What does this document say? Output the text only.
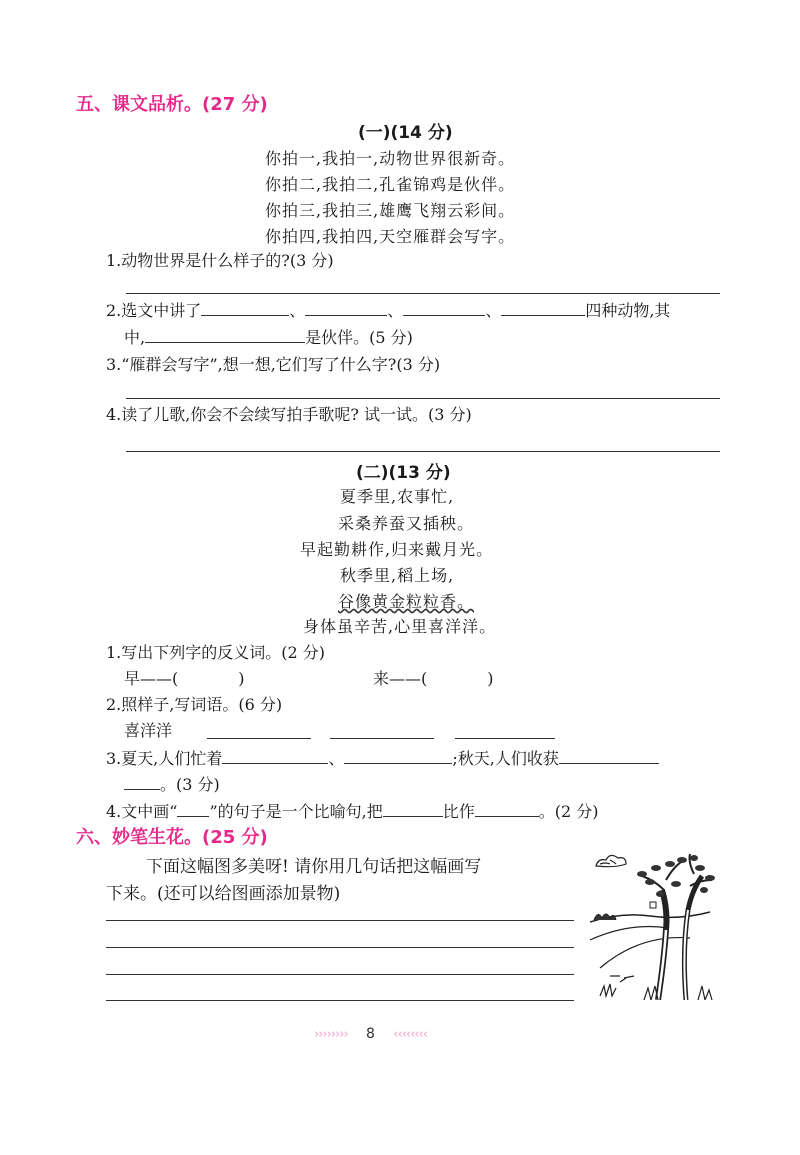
五、课文品析。(27 分)
(一)(14 分)
你拍一,我拍一,动物世界很新奇。
你拍二,我拍二,孔雀锦鸡是伙伴。
你拍三,我拍三,雄鹰飞翔云彩间。
你拍四,我拍四,天空雁群会写字。
1.动物世界是什么样子的?(3 分)
2.选文中讲了	、	、	、	四种动物,其
中,	是伙伴。(5 分)
3.“雁群会写字”,想一想,它们写了什么字?(3 分)
4.读了儿歌,你会不会续写拍手歌呢? 试一试。(3 分)
(二)(13 分)
夏季里,农事忙,
采桑养蚕又插秧。
早起勤耕作,归来戴月光。
秋季里,稻上场,
谷像黄金粒粒香。
身体虽辛苦,心里喜洋洋。
1.写出下列字的反义词。(2 分)
早——(	)	来——(	)
2.照样子,写词语。(6 分)
喜洋洋
3.夏天,人们忙着	、	;秋天,人们收获
。(3 分)
4.文中画“ ”的句子是一个比喻句,把	比作	。(2 分)
六、妙笔生花。(25 分)
下面这幅图多美呀! 请你用几句话把这幅画写
下来。(还可以给图画添加景物)
›››››››› 8 ‹‹‹‹‹‹‹‹
